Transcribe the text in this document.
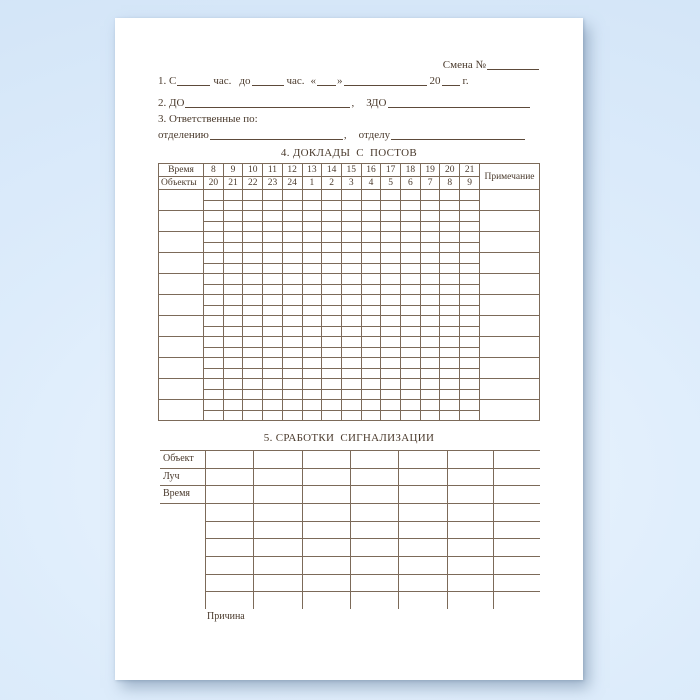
Смена №
1. С	час. до	час. « »	20 г.
2. ДО	, ЗДО
3. Ответственные по:
отделению	, отделу
4. ДОКЛАДЫ  С  ПОСТОВ
Время	8	9	10	11	12	13	14	15	16	17	18	19	20	21	Примечание
Объекты	20	21	22	23	24	1	2	3	4	5	6	7	8	9	

5. СРАБОТКИ  СИГНАЛИЗАЦИИ
Объект
Луч
Время
Причина
